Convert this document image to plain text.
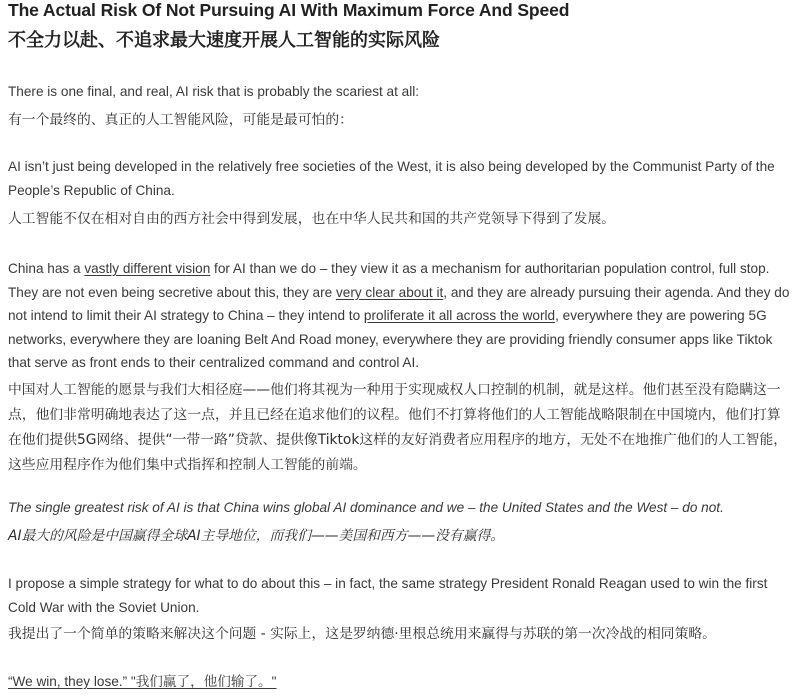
The Actual Risk Of Not Pursuing AI With Maximum Force And Speed
不全力以赴、不追求最大速度开展人工智能的实际风险
There is one final, and real, AI risk that is probably the scariest at all:
有一个最终的、真正的人工智能风险，可能是最可怕的：
AI isn’t just being developed in the relatively free societies of the West, it is also being developed by the Communist Party of the People’s Republic of China.
人工智能不仅在相对自由的西方社会中得到发展，也在中华人民共和国的共产党领导下得到了发展。
China has a vastly different vision for AI than we do – they view it as a mechanism for authoritarian population control, full stop. They are not even being secretive about this, they are very clear about it, and they are already pursuing their agenda. And they do not intend to limit their AI strategy to China – they intend to proliferate it all across the world, everywhere they are powering 5G networks, everywhere they are loaning Belt And Road money, everywhere they are providing friendly consumer apps like Tiktok that serve as front ends to their centralized command and control AI.
中国对人工智能的愿景与我们大相径庭——他们将其视为一种用于实现威权人口控制的机制，就是这样。他们甚至没有隐瞒这一点，他们非常明确地表达了这一点，并且已经在追求他们的议程。他们不打算将他们的人工智能战略限制在中国境内，他们打算在他们提供5G网络、提供“一带一路”贷款、提供像Tiktok这样的友好消费者应用程序的地方，无处不在地推广他们的人工智能，这些应用程序作为他们集中式指挥和控制人工智能的前端。
The single greatest risk of AI is that China wins global AI dominance and we – the United States and the West – do not.
AI最大的风险是中国赢得全球AI主导地位，而我们——美国和西方——没有赢得。
I propose a simple strategy for what to do about this – in fact, the same strategy President Ronald Reagan used to win the first Cold War with the Soviet Union.
我提出了一个简单的策略来解决这个问题 - 实际上，这是罗纳德·里根总统用来赢得与苏联的第一次冷战的相同策略。
“We win, they lose.” "我们赢了，他们输了。"
